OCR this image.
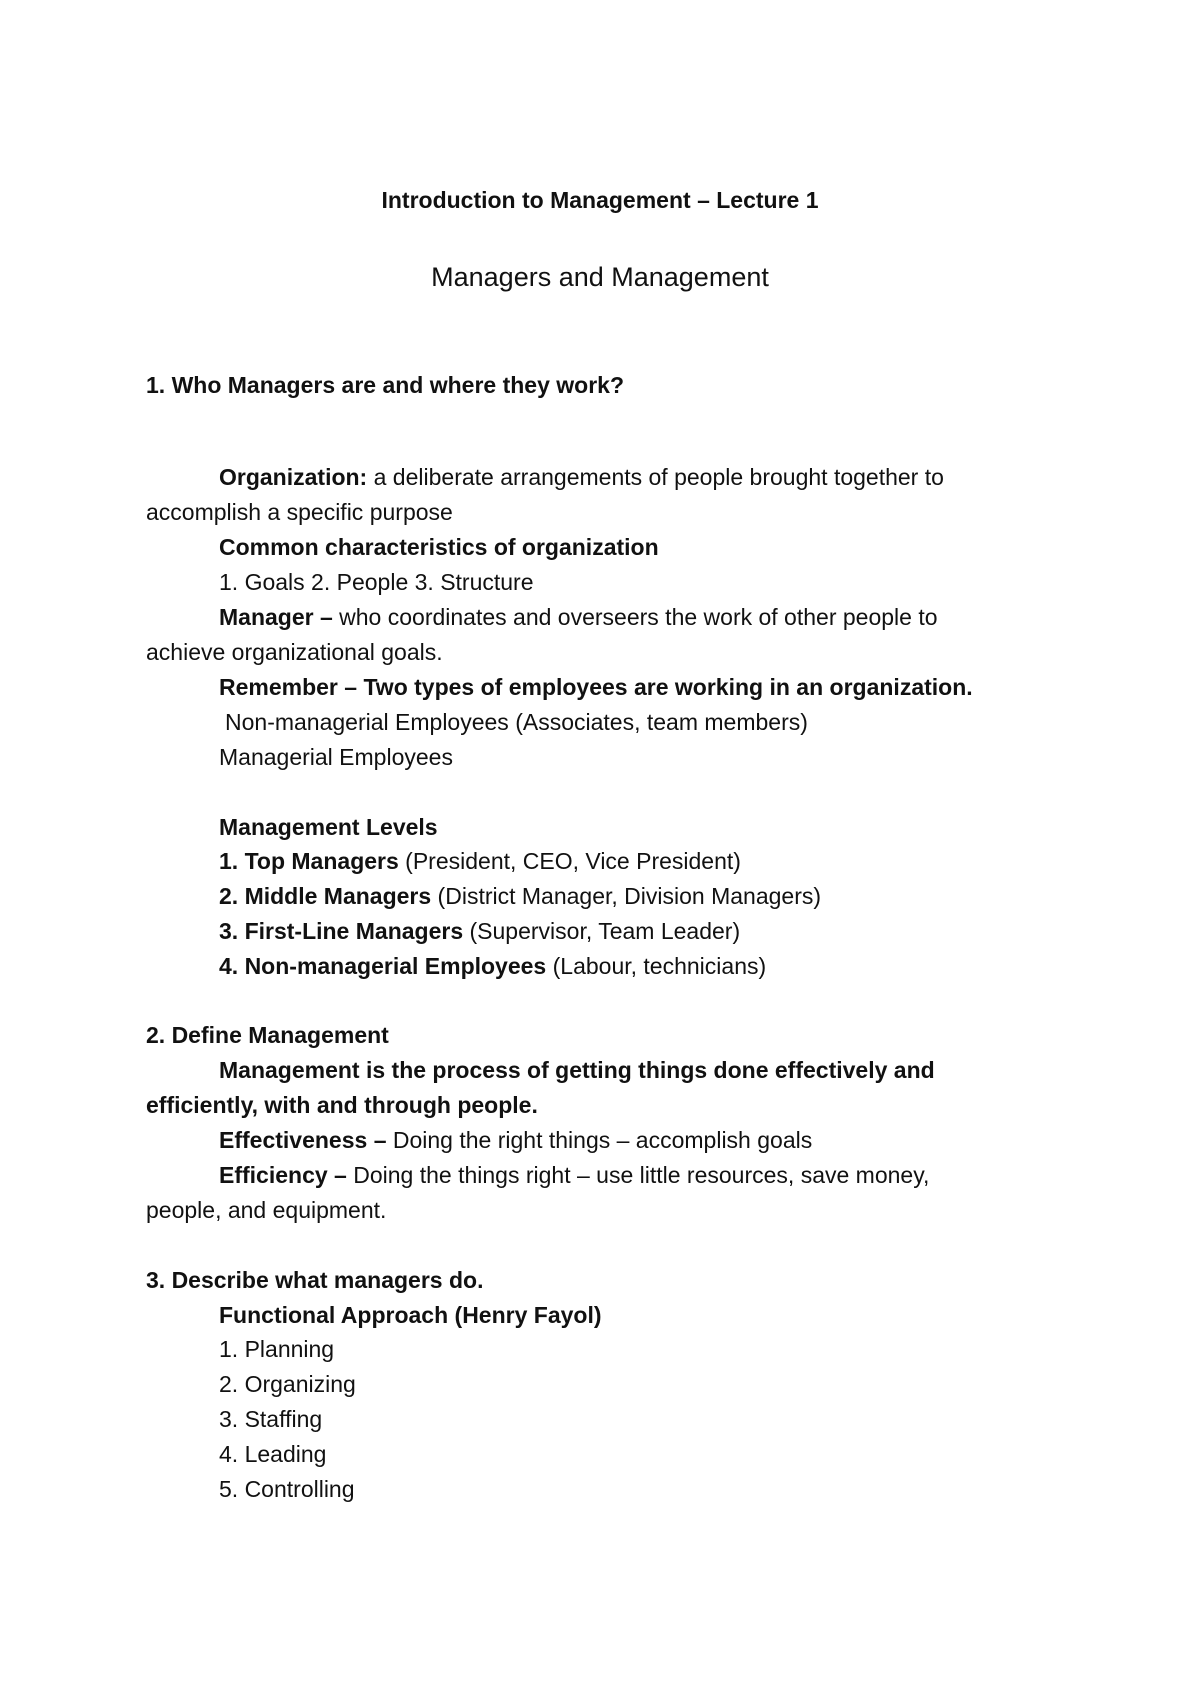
Introduction to Management – Lecture 1
Managers and Management
1. Who Managers are and where they work?
Organization: a deliberate arrangements of people brought together to
accomplish a specific purpose
Common characteristics of organization
1. Goals 2. People 3. Structure
Manager – who coordinates and overseers the work of other people to
achieve organizational goals.
Remember – Two types of employees are working in an organization.
Non-managerial Employees (Associates, team members)
Managerial Employees
Management Levels
1. Top Managers (President, CEO, Vice President)
2. Middle Managers (District Manager, Division Managers)
3. First-Line Managers (Supervisor, Team Leader)
4. Non-managerial Employees (Labour, technicians)
2. Define Management
Management is the process of getting things done effectively and
efficiently, with and through people.
Effectiveness – Doing the right things – accomplish goals
Efficiency – Doing the things right – use little resources, save money,
people, and equipment.
3. Describe what managers do.
Functional Approach (Henry Fayol)
1. Planning
2. Organizing
3. Staffing
4. Leading
5. Controlling
